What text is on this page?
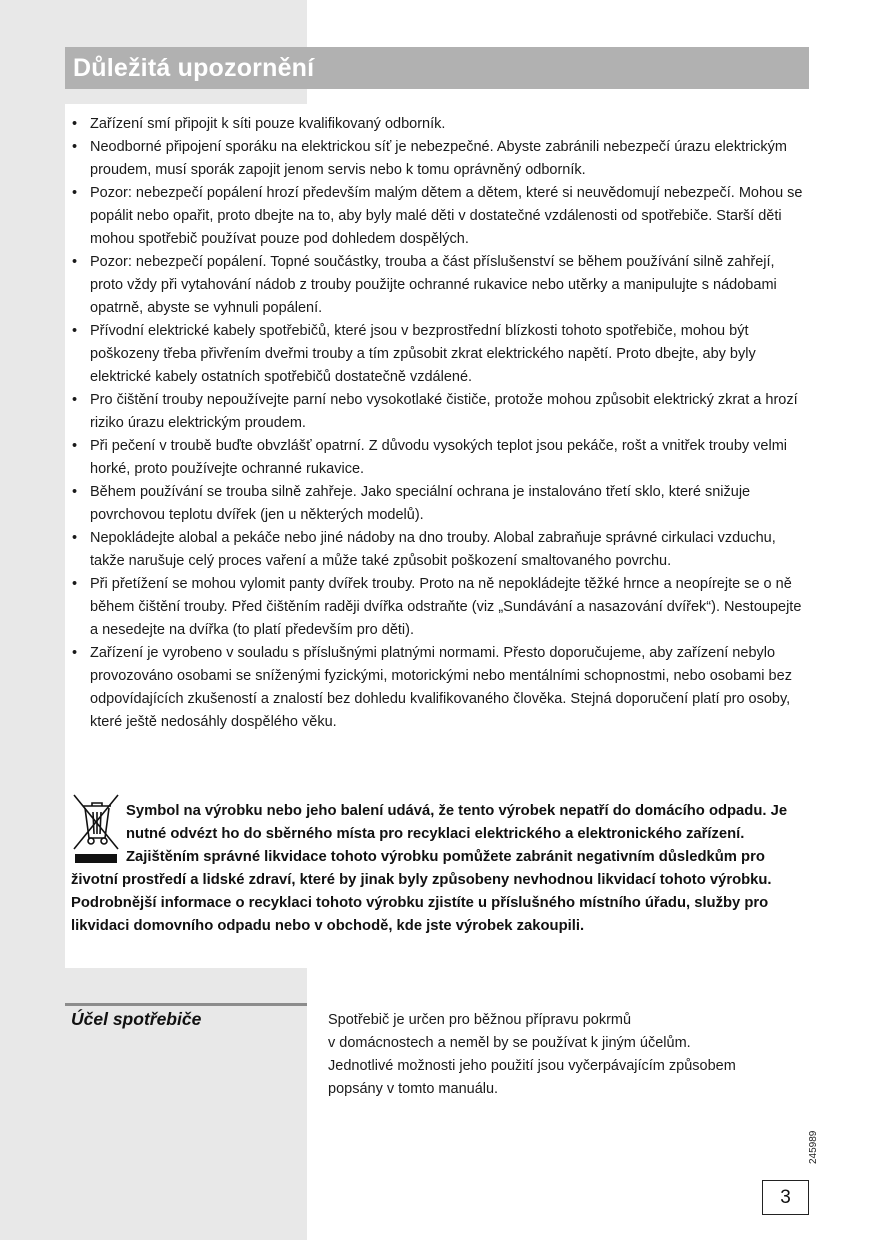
Důležitá upozornění
• Zařízení smí připojit k síti pouze kvalifikovaný odborník.
• Neodborné připojení sporáku na elektrickou síť je nebezpečné. Abyste zabránili nebezpečí úrazu elektrickým proudem, musí sporák zapojit jenom servis nebo k tomu oprávněný odborník.
• Pozor: nebezpečí popálení hrozí především malým dětem a dětem, které si neuvědomují nebezpečí. Mohou se popálit nebo opařit, proto dbejte na to, aby byly malé děti v dostatečné vzdálenosti od spotřebiče. Starší děti mohou spotřebič používat pouze pod dohledem dospělých.
• Pozor: nebezpečí popálení. Topné součástky, trouba a část příslušenství se během používání silně zahřejí, proto vždy při vytahování nádob z trouby použijte ochranné rukavice nebo utěrky a manipulujte s nádobami opatrně, abyste se vyhnuli popálení.
• Přívodní elektrické kabely spotřebičů, které jsou v bezprostřední blízkosti tohoto spotřebiče, mohou být poškozeny třeba přivřením dveřmi trouby a tím způsobit zkrat elektrického napětí. Proto dbejte, aby byly elektrické kabely ostatních spotřebičů dostatečně vzdálené.
• Pro čištění trouby nepoužívejte parní nebo vysokotlaké čističe, protože mohou způsobit elektrický zkrat a hrozí riziko úrazu elektrickým proudem.
• Při pečení v troubě buďte obvzlášť opatrní. Z důvodu vysokých teplot jsou pekáče, rošt a vnitřek trouby velmi horké, proto používejte ochranné rukavice.
• Během používání se trouba silně zahřeje. Jako speciální ochrana je instalováno třetí sklo, které snižuje povrchovou teplotu dvířek (jen u některých modelů).
• Nepokládejte alobal a pekáče nebo jiné nádoby na dno trouby. Alobal zabraňuje správné cirkulaci vzduchu, takže narušuje celý proces vaření a může také způsobit poškození smaltovaného povrchu.
• Při přetížení se mohou vylomit panty dvířek trouby. Proto na ně nepokládejte těžké hrnce a neopírejte se o ně během čištění trouby. Před čištěním raději dvířka odstraňte (viz „Sundávání a nasazování dvířek“). Nestoupejte a nesedejte na dvířka (to platí především pro děti).
• Zařízení je vyrobeno v souladu s příslušnými platnými normami. Přesto doporučujeme, aby zařízení nebylo provozováno osobami se sníženými fyzickými, motorickými nebo mentálními schopnostmi, nebo osobami bez odpovídajících zkušeností a znalostí bez dohledu kvalifikovaného člověka. Stejná doporučení platí pro osoby, které ještě nedosáhly dospělého věku.
Symbol na výrobku nebo jeho balení udává, že tento výrobek nepatří do domácího odpadu. Je nutné odvézt ho do sběrného místa pro recyklaci elektrického a elektronického zařízení. Zajištěním správné likvidace tohoto výrobku pomůžete zabránit negativním důsledkům pro životní prostředí a lidské zdraví, které by jinak byly způsobeny nevhodnou likvidací tohoto výrobku. Podrobnější informace o recyklaci tohoto výrobku zjistíte u příslušného místního úřadu, služby pro likvidaci domovního odpadu nebo v obchodě, kde jste výrobek zakoupili.
Účel spotřebiče	Spotřebič je určen pro běžnou přípravu pokrmů
v domácnostech a neměl by se používat k jiným účelům.
Jednotlivé možnosti jeho použití jsou vyčerpávajícím způsobem
popsány v tomto manuálu.
245989
3
